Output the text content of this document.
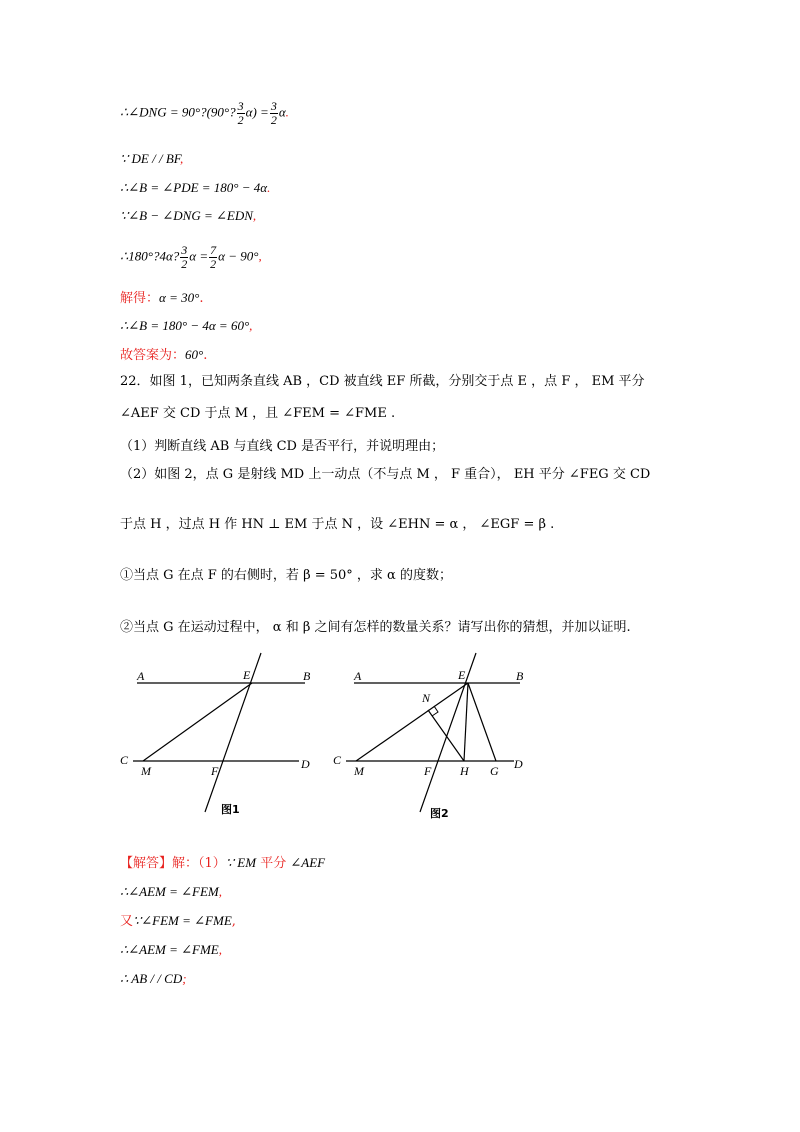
∴∠DNG = 90°?(90°? $\frac{3}{2} \alpha) = \frac{3}{2} \alpha$.
∵ DE / / BF,
∴∠B = ∠PDE = 180° − 4α.
∵∠B − ∠DNG = ∠EDN,
∴180°?4α? $\frac{3}{2}$ $\alpha = \frac{7}{2}$ α − 90°,
解得：α = 30°.
∴∠B = 180° − 4α = 60°,
故答案为：60°.
22．如图 1，已知两条直线 AB ，CD 被直线 EF 所截，分别交于点 E ，点 F ， EM 平分
∠AEF 交 CD 于点 M ，且 ∠FEM = ∠FME .
（1）判断直线 AB 与直线 CD 是否平行，并说明理由；
（2）如图 2，点 G 是射线 MD 上一动点（不与点 M ， F 重合）， EH 平分 ∠FEG 交 CD
于点 H ，过点 H 作 HN ⊥ EM 于点 N ，设 ∠EHN = α ， ∠EGF = β .
①当点 G 在点 F 的右侧时，若 β = 50° ，求 α 的度数；
②当点 G 在运动过程中， α 和 β 之间有怎样的数量关系？请写出你的猜想，并加以证明.
A	B
E
C
M	F	D
图1
A	B
E
N
C
M	F H G D
图2
【解答】解：（1）∵ EM 平分 ∠AEF
∴∠AEM = ∠FEM,
又∵∠FEM = ∠FME,
∴∠AEM = ∠FME,
∴ AB / / CD;
